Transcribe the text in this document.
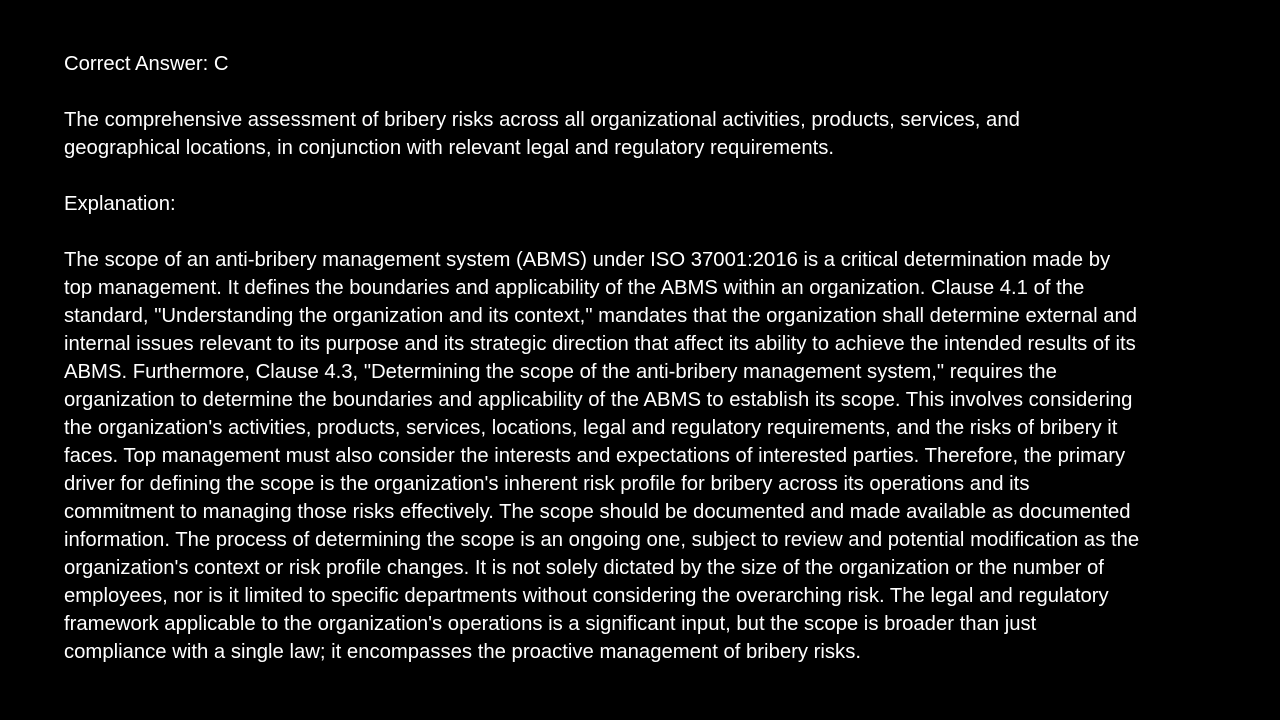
Correct Answer: C

The comprehensive assessment of bribery risks across all organizational activities, products, services, and

geographical locations, in conjunction with relevant legal and regulatory requirements.

Explanation:

The scope of an anti-bribery management system (ABMS) under ISO 37001:2016 is a critical determination made by

top management. It defines the boundaries and applicability of the ABMS within an organization. Clause 4.1 of the

standard, "Understanding the organization and its context," mandates that the organization shall determine external and

internal issues relevant to its purpose and its strategic direction that affect its ability to achieve the intended results of its

ABMS. Furthermore, Clause 4.3, "Determining the scope of the anti-bribery management system," requires the

organization to determine the boundaries and applicability of the ABMS to establish its scope. This involves considering

the organization's activities, products, services, locations, legal and regulatory requirements, and the risks of bribery it

faces. Top management must also consider the interests and expectations of interested parties. Therefore, the primary

driver for defining the scope is the organization's inherent risk profile for bribery across its operations and its

commitment to managing those risks effectively. The scope should be documented and made available as documented

information. The process of determining the scope is an ongoing one, subject to review and potential modification as the

organization's context or risk profile changes. It is not solely dictated by the size of the organization or the number of

employees, nor is it limited to specific departments without considering the overarching risk. The legal and regulatory

framework applicable to the organization's operations is a significant input, but the scope is broader than just

compliance with a single law; it encompasses the proactive management of bribery risks.
